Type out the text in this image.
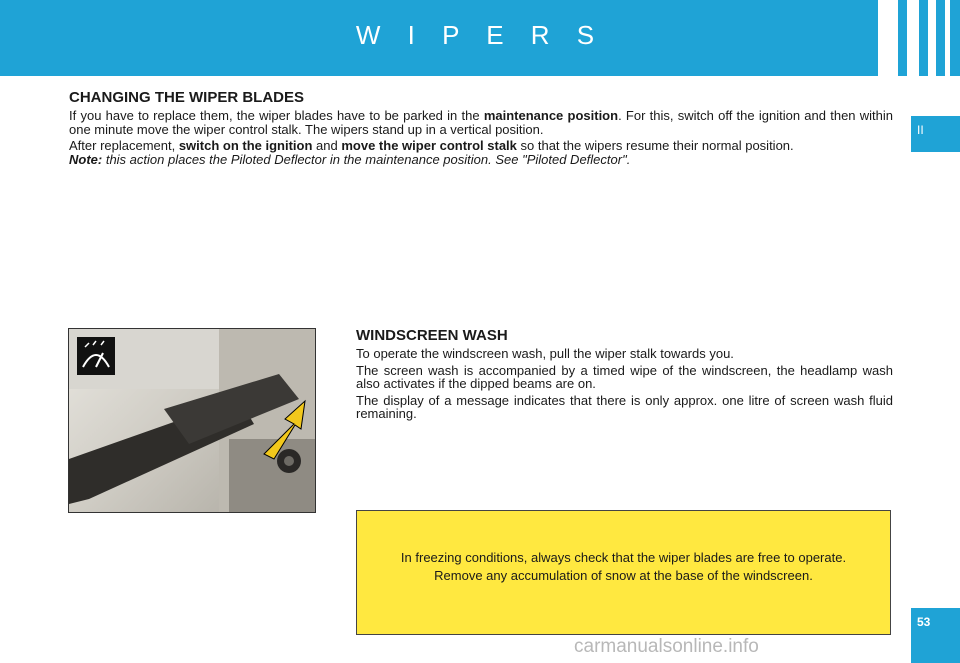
W I P E R S
II
CHANGING THE WIPER BLADES

If you have to replace them, the wiper blades have to be parked in the maintenance position. For this, switch off the ignition and then within one minute move the wiper control stalk. The wipers stand up in a vertical position.

After replacement, switch on the ignition and move the wiper control stalk so that the wipers resume their normal position.

Note: this action places the Piloted Deflector in the maintenance position. See "Piloted Deflector".

WINDSCREEN WASH

To operate the windscreen wash, pull the wiper stalk towards you.

The screen wash is accompanied by a timed wipe of the windscreen, the headlamp wash also activates if the dipped beams are on.

The display of a message indicates that there is only approx. one litre of screen wash fluid remaining.

In freezing conditions, always check that the wiper blades are free to operate.

Remove any accumulation of snow at the base of the windscreen.

53
carmanualsonline.info
